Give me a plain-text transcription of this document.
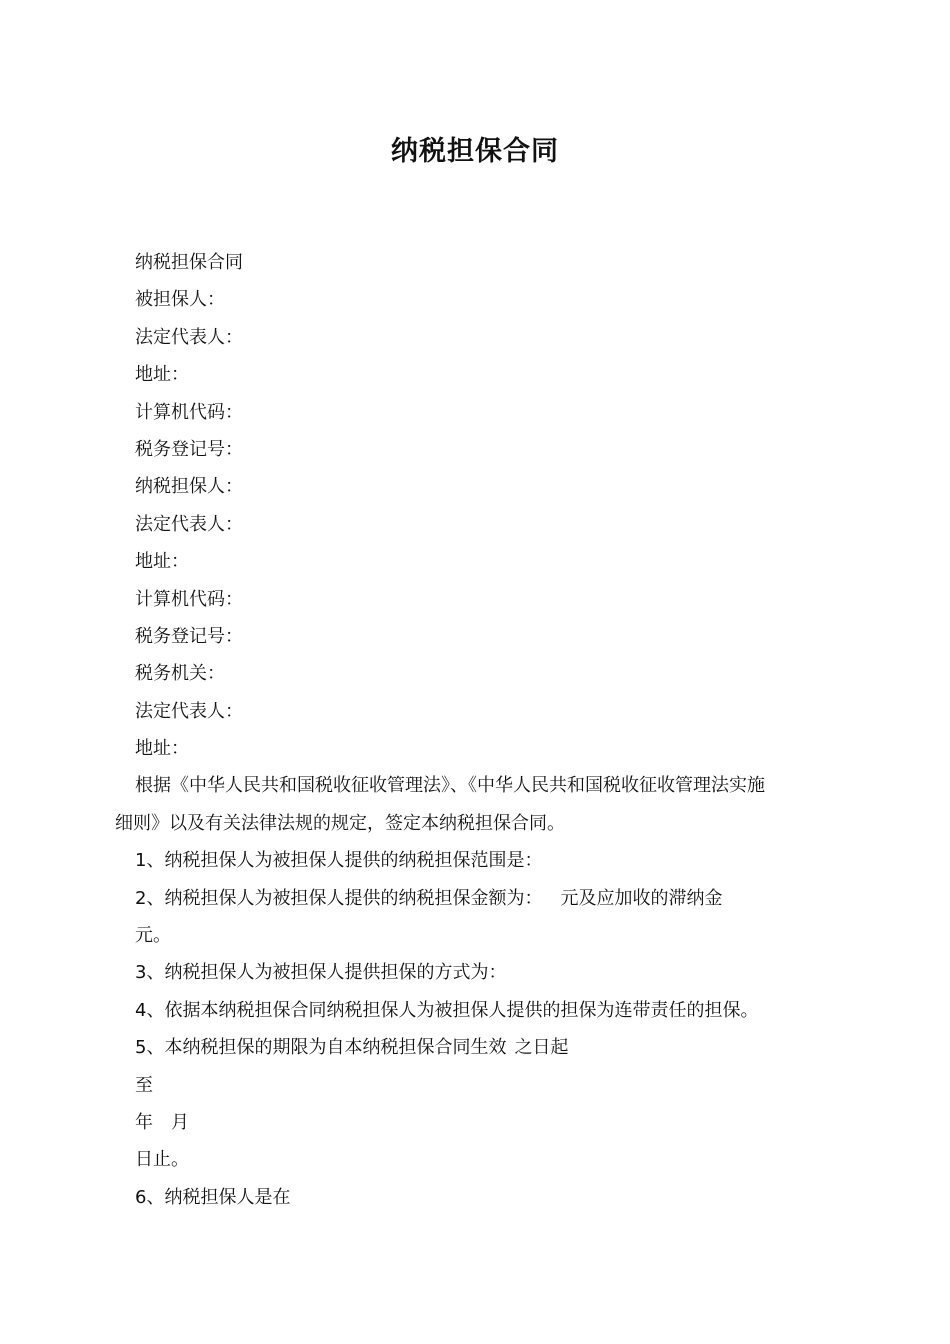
纳税担保合同
纳税担保合同
被担保人：
法定代表人：
地址：
计算机代码：
税务登记号：
纳税担保人：
法定代表人：
地址：
计算机代码：
税务登记号：
税务机关：
法定代表人：
地址：
根据《中华人民共和国税收征收管理法》、《中华人民共和国税收征收管理法实施
细则》以及有关法律法规的规定，签定本纳税担保合同。
1、纳税担保人为被担保人提供的纳税担保范围是：
2、纳税担保人为被担保人提供的纳税担保金额为： 元及应加收的滞纳金
元。
3、纳税担保人为被担保人提供担保的方式为：
4、依据本纳税担保合同纳税担保人为被担保人提供的担保为连带责任的担保。
5、本纳税担保的期限为自本纳税担保合同生效 之日起
至
年 月
日止。
6、纳税担保人是在
